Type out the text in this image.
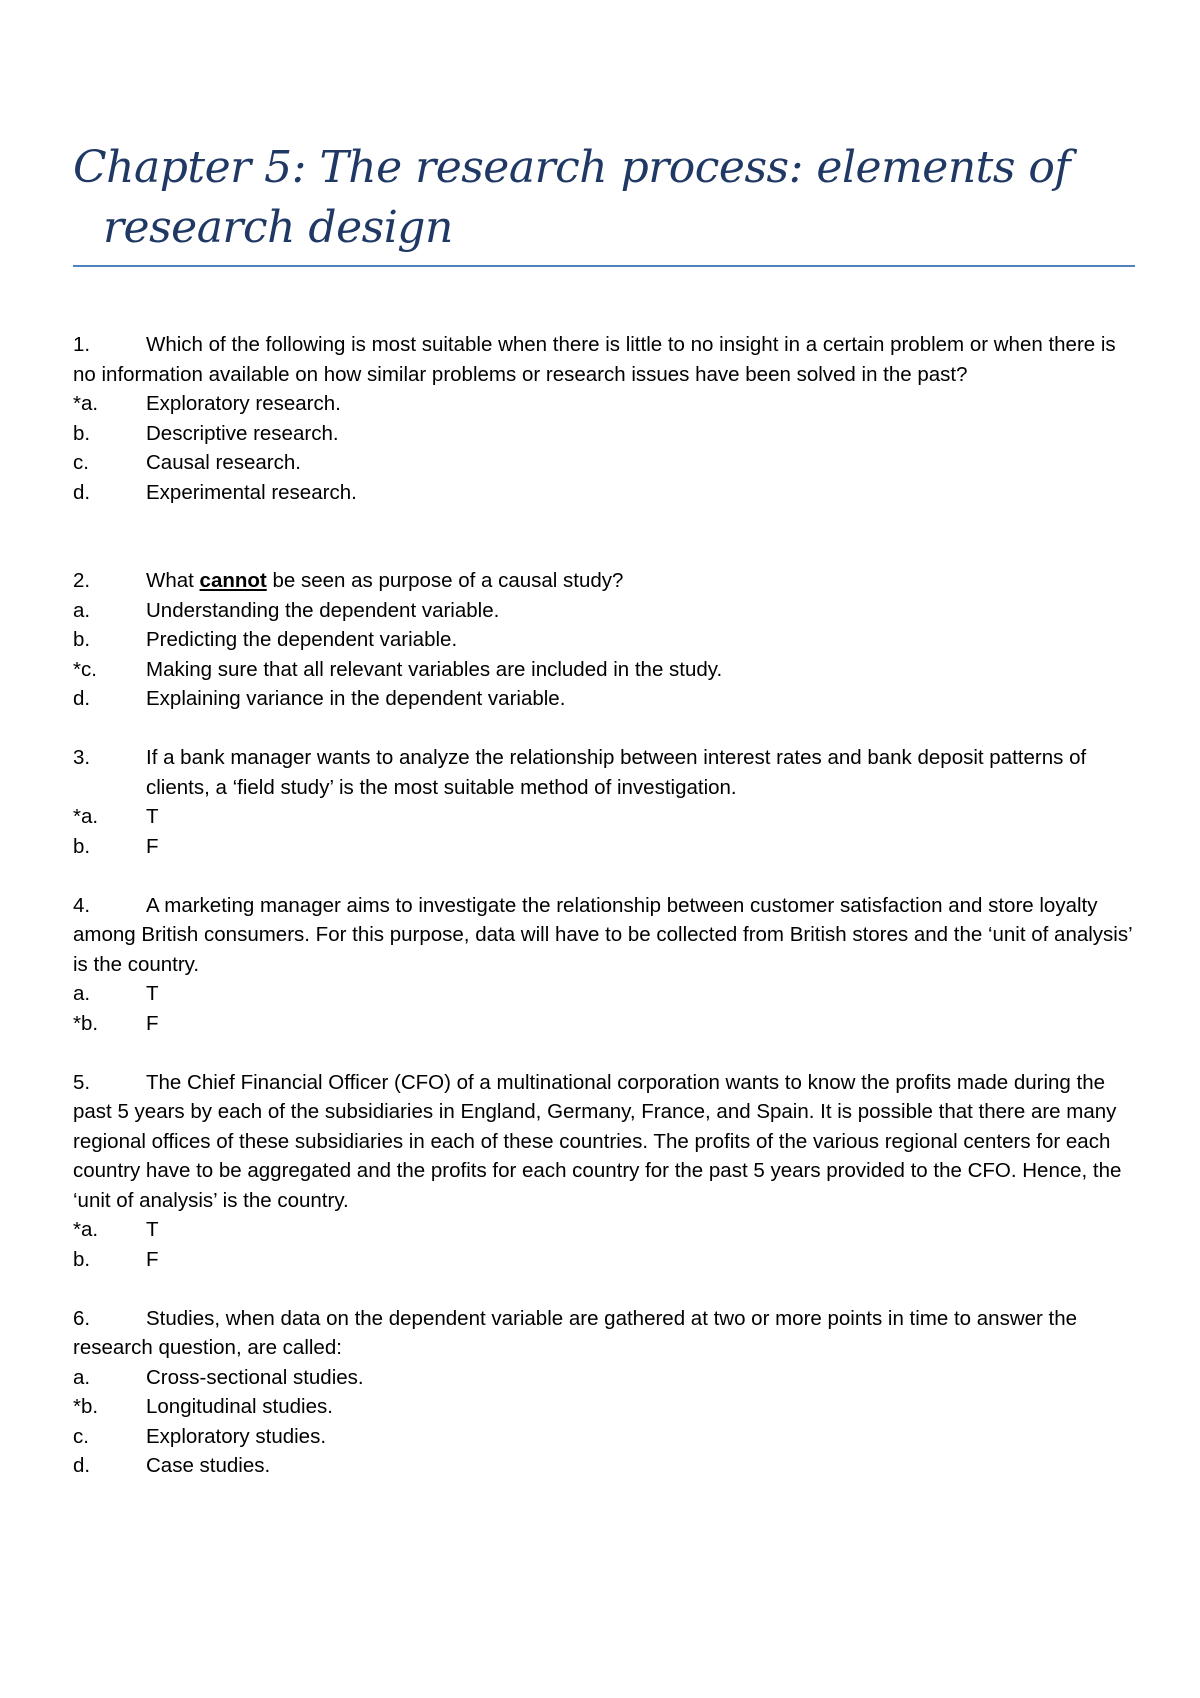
Chapter 5: The research process: elements of
research design

1.	Which of the following is most suitable when there is little to no insight in a certain problem or when there is no information available on how similar problems or research issues have been solved in the past?

*a.	Exploratory research.
b.	Descriptive research.
c.	Causal research.
d.	Experimental research.

2.	What cannot be seen as purpose of a causal study?

a.	Understanding the dependent variable.
b.	Predicting the dependent variable.
*c.	Making sure that all relevant variables are included in the study.
d.	Explaining variance in the dependent variable.

3.	If a bank manager wants to analyze the relationship between interest rates and bank deposit patterns of clients, a ‘field study’ is the most suitable method of investigation.

*a.	T
b.	F

4.	A marketing manager aims to investigate the relationship between customer satisfaction and store loyalty among British consumers. For this purpose, data will have to be collected from British stores and the ‘unit of analysis’ is the country.

a.	T
*b.	F

5.	The Chief Financial Officer (CFO) of a multinational corporation wants to know the profits made during the past 5 years by each of the subsidiaries in England, Germany, France, and Spain. It is possible that there are many regional offices of these subsidiaries in each of these countries. The profits of the various regional centers for each country have to be aggregated and the profits for each country for the past 5 years provided to the CFO. Hence, the ‘unit of analysis’ is the country.

*a.	T
b.	F

6.	Studies, when data on the dependent variable are gathered at two or more points in time to answer the research question, are called:

a.	Cross-sectional studies.
*b.	Longitudinal studies.
c.	Exploratory studies.
d.	Case studies.
